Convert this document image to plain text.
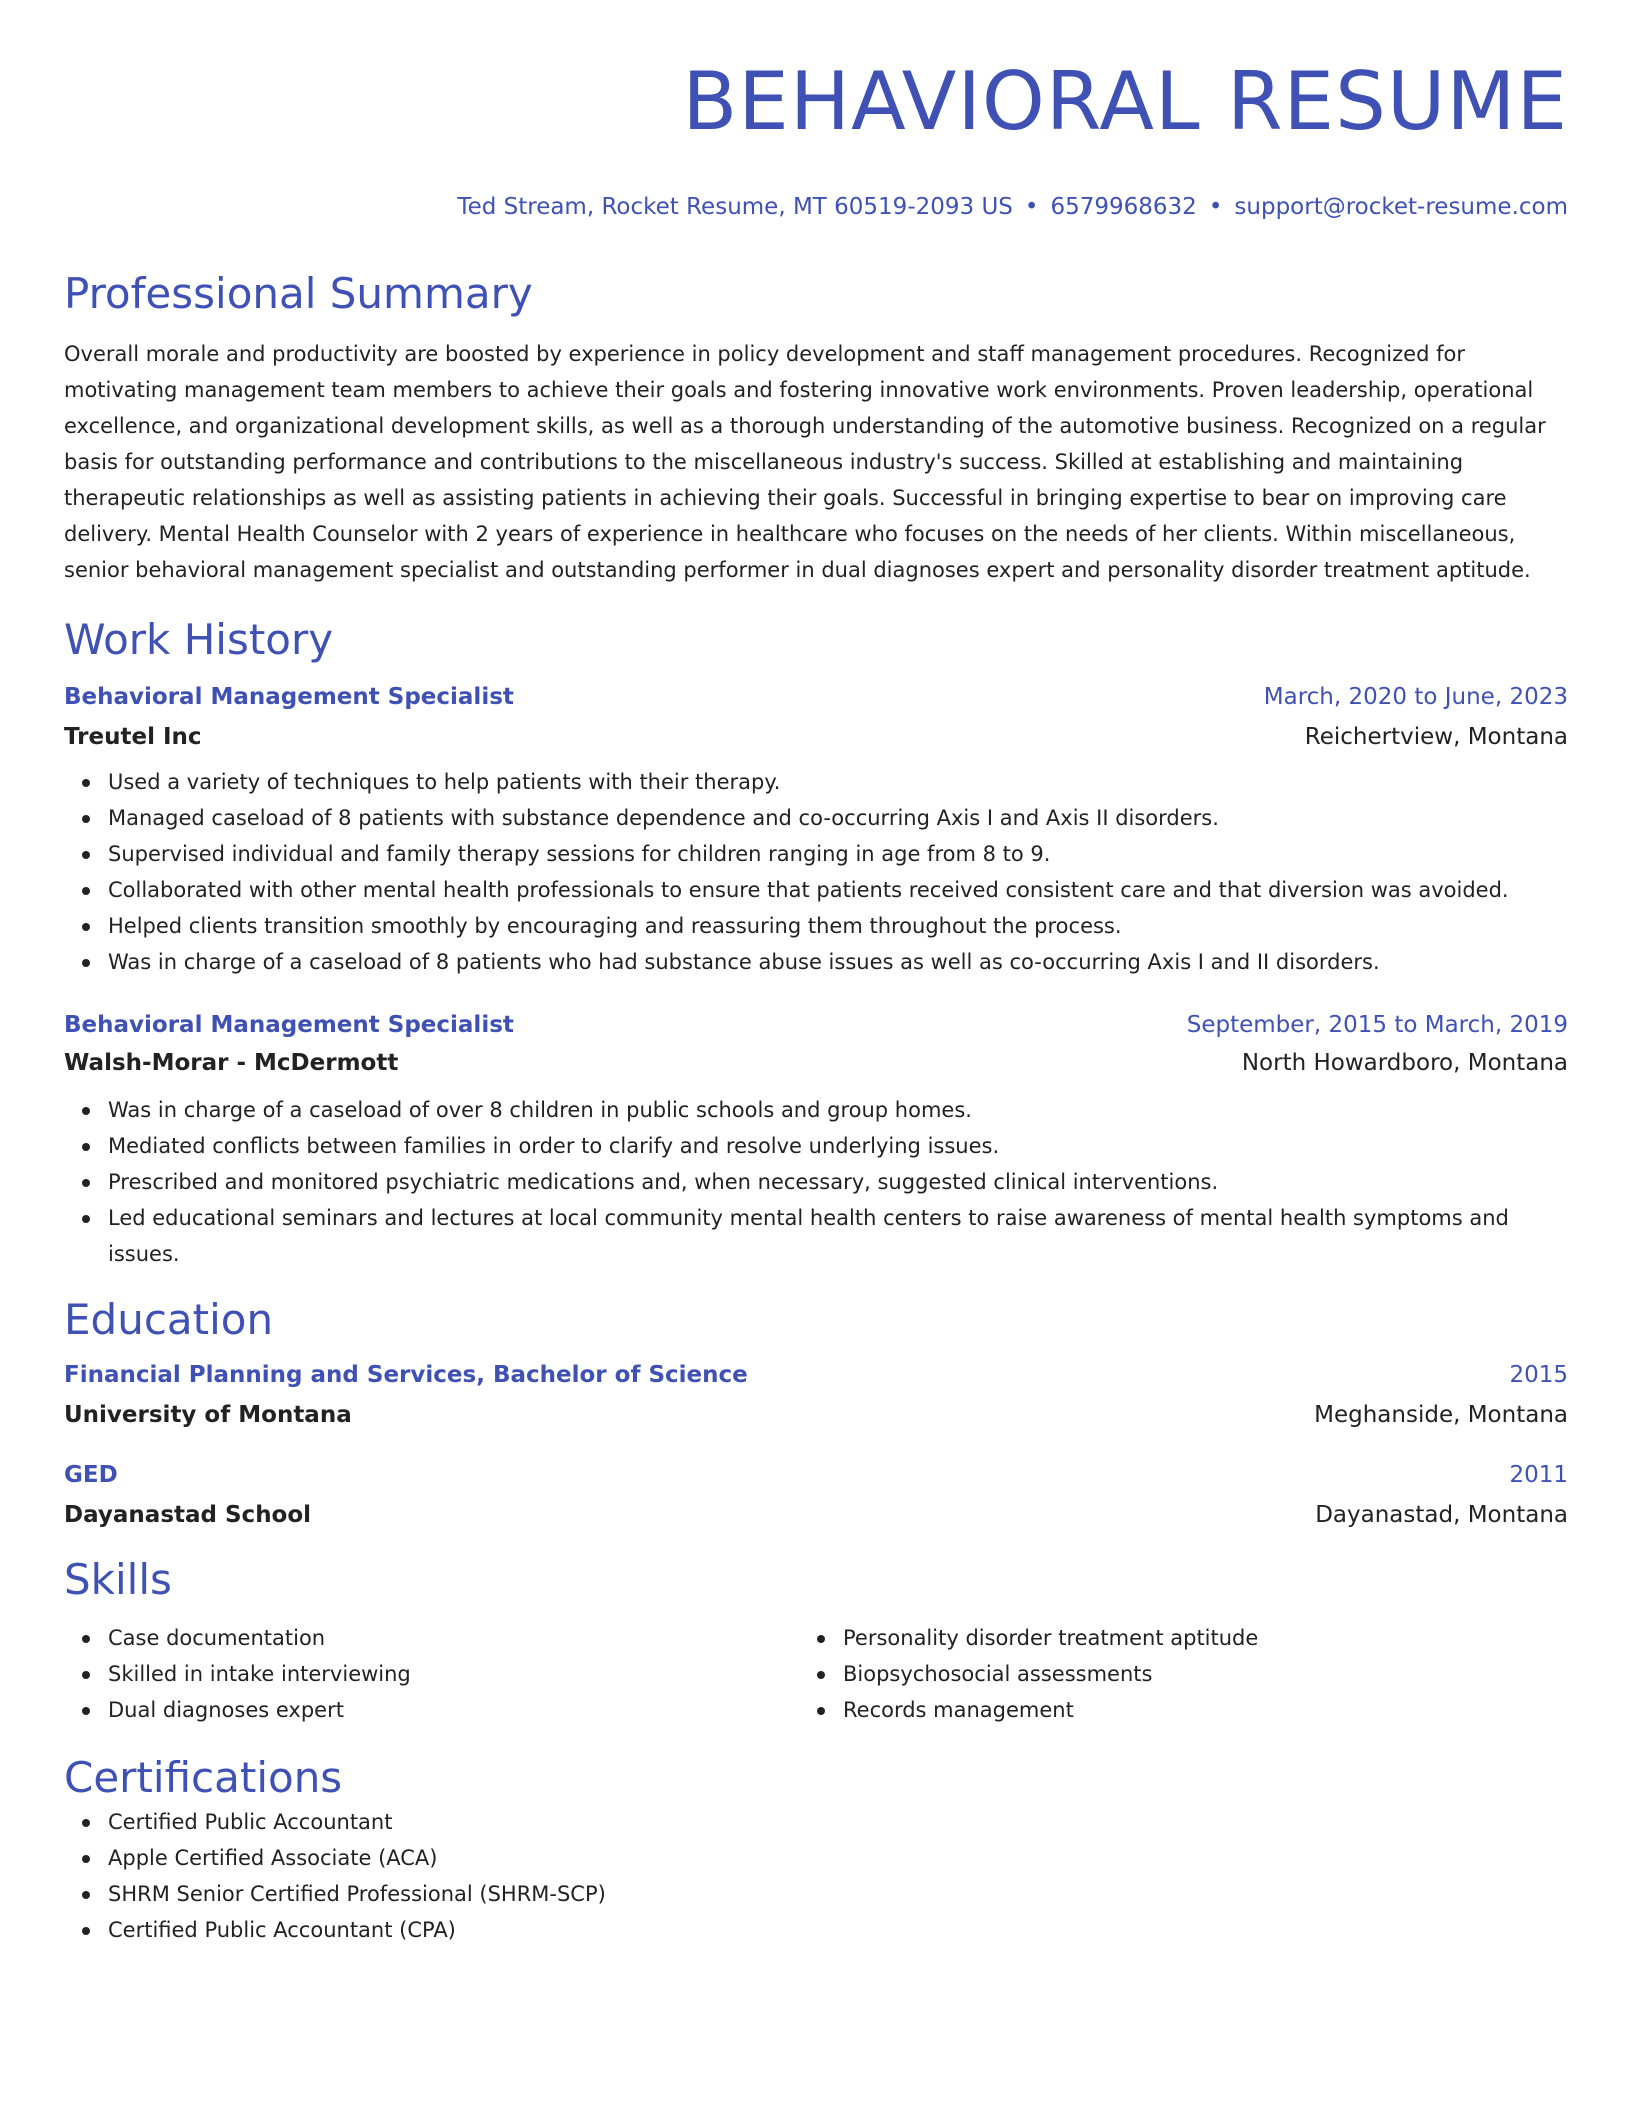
BEHAVIORAL RESUME
Ted Stream, Rocket Resume, MT 60519-2093 US • 6579968632 • support@rocket-resume.com
Professional Summary

Overall morale and productivity are boosted by experience in policy development and staff management procedures. Recognized for motivating management team members to achieve their goals and fostering innovative work environments. Proven leadership, operational excellence, and organizational development skills, as well as a thorough understanding of the automotive business. Recognized on a regular basis for outstanding performance and contributions to the miscellaneous industry's success. Skilled at establishing and maintaining therapeutic relationships as well as assisting patients in achieving their goals. Successful in bringing expertise to bear on improving care delivery. Mental Health Counselor with 2 years of experience in healthcare who focuses on the needs of her clients. Within miscellaneous, senior behavioral management specialist and outstanding performer in dual diagnoses expert and personality disorder treatment aptitude.

Work History
Behavioral Management Specialist	March, 2020 to June, 2023
Treutel Inc	Reichertview, Montana
Used a variety of techniques to help patients with their therapy.
Managed caseload of 8 patients with substance dependence and co-occurring Axis I and Axis II disorders.
Supervised individual and family therapy sessions for children ranging in age from 8 to 9.
Collaborated with other mental health professionals to ensure that patients received consistent care and that diversion was avoided.
Helped clients transition smoothly by encouraging and reassuring them throughout the process.
Was in charge of a caseload of 8 patients who had substance abuse issues as well as co-occurring Axis I and II disorders.
Behavioral Management Specialist	September, 2015 to March, 2019
Walsh-Morar - McDermott	North Howardboro, Montana
Was in charge of a caseload of over 8 children in public schools and group homes.
Mediated conflicts between families in order to clarify and resolve underlying issues.
Prescribed and monitored psychiatric medications and, when necessary, suggested clinical interventions.
Led educational seminars and lectures at local community mental health centers to raise awareness of mental health symptoms and issues.
Education
Financial Planning and Services, Bachelor of Science	2015
University of Montana	Meghanside, Montana
GED	2011
Dayanastad School	Dayanastad, Montana
Skills
Case documentation
Skilled in intake interviewing
Dual diagnoses expert
Personality disorder treatment aptitude
Biopsychosocial assessments
Records management
Certifications
Certified Public Accountant
Apple Certified Associate (ACA)
SHRM Senior Certified Professional (SHRM-SCP)
Certified Public Accountant (CPA)
